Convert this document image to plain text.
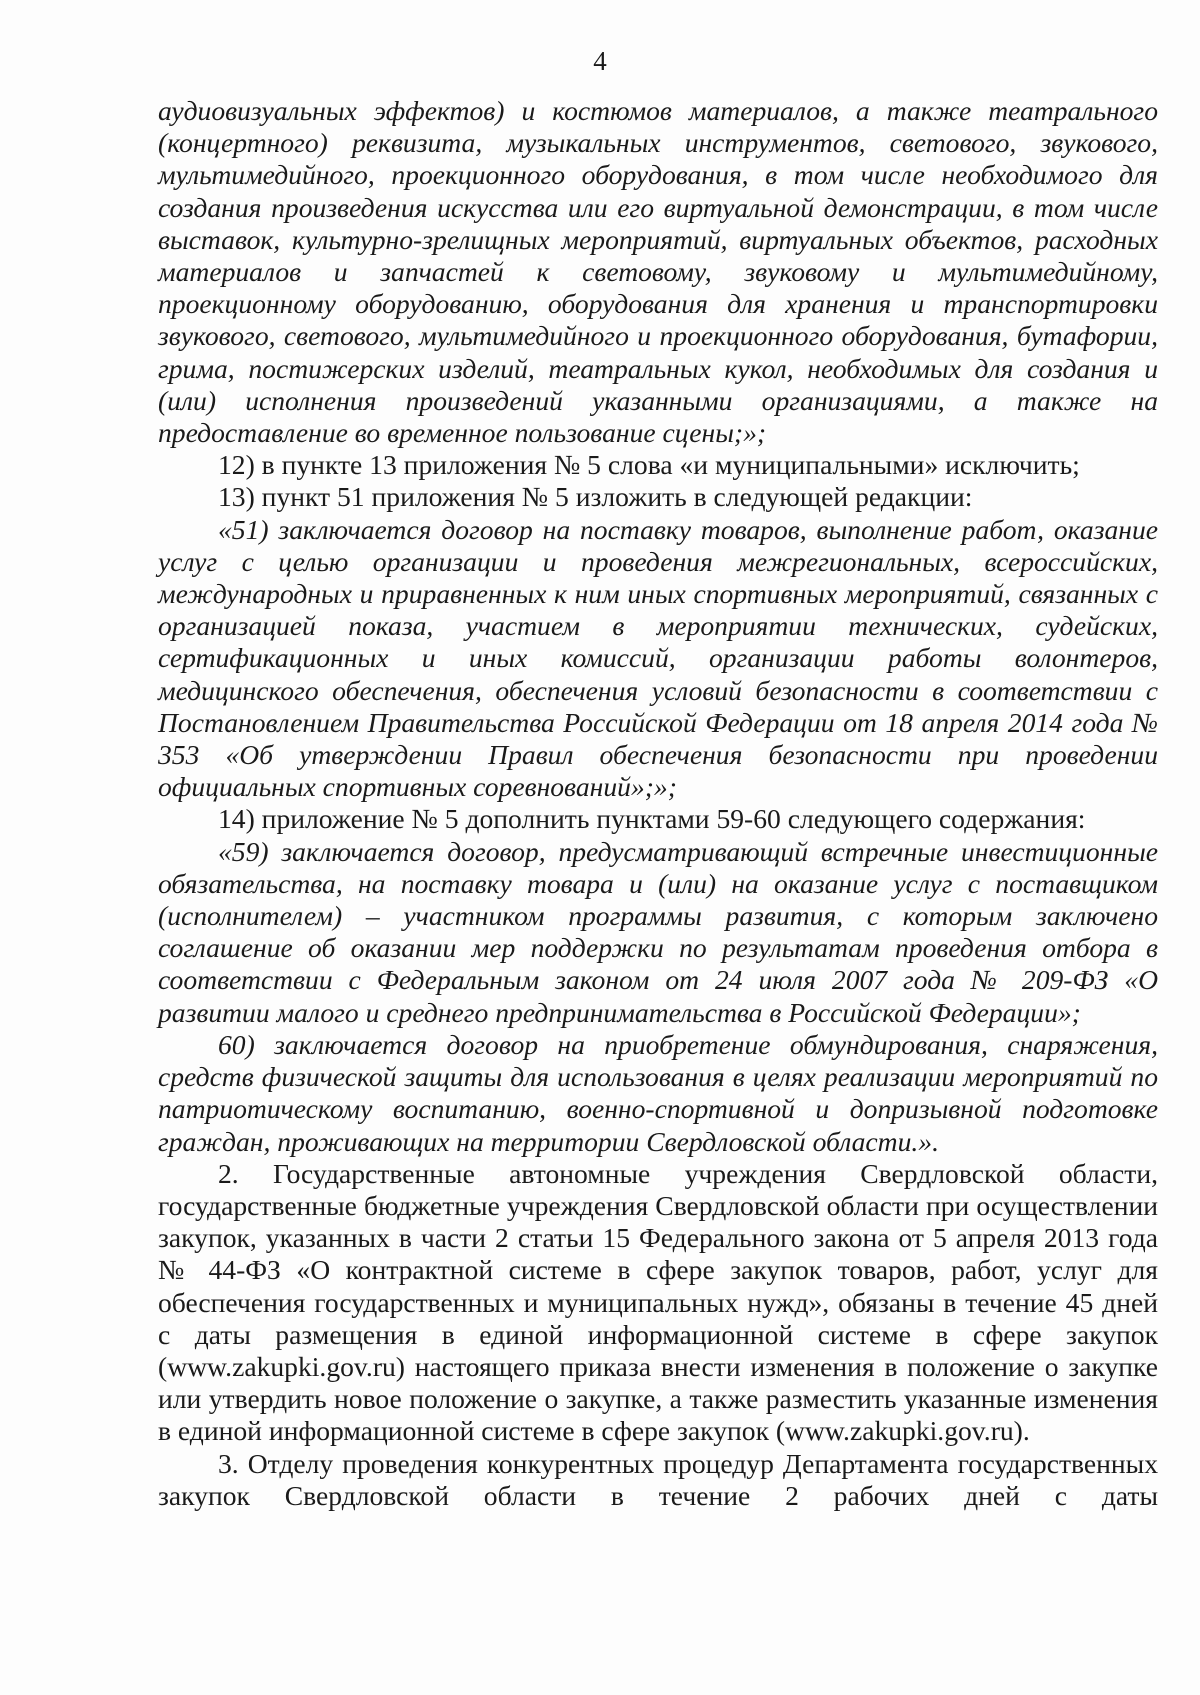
4

аудиовизуальных эффектов) и костюмов материалов, а также театрального (концертного) реквизита, музыкальных инструментов, светового, звукового, мультимедийного, проекционного оборудования, в том числе необходимого для создания произведения искусства или его виртуальной демонстрации, в том числе выставок, культурно-зрелищных мероприятий, виртуальных объектов, расходных материалов и запчастей к световому, звуковому и мультимедийному, проекционному оборудованию, оборудования для хранения и транспортировки звукового, светового, мультимедийного и проекционного оборудования, бутафории, грима, постижерских изделий, театральных кукол, необходимых для создания и (или) исполнения произведений указанными организациями, а также на предоставление во временное пользование сцены;»;

12) в пункте 13 приложения № 5 слова «и муниципальными» исключить;

13) пункт 51 приложения № 5 изложить в следующей редакции:

«51) заключается договор на поставку товаров, выполнение работ, оказание услуг с целью организации и проведения межрегиональных, всероссийских, международных и приравненных к ним иных спортивных мероприятий, связанных с организацией показа, участием в мероприятии технических, судейских, сертификационных и иных комиссий, организации работы волонтеров, медицинского обеспечения, обеспечения условий безопасности в соответствии с Постановлением Правительства Российской Федерации от 18 апреля 2014 года № 353 «Об утверждении Правил обеспечения безопасности при проведении официальных спортивных соревнований»;»;

14) приложение № 5 дополнить пунктами 59-60 следующего содержания:

«59) заключается договор, предусматривающий встречные инвестиционные обязательства, на поставку товара и (или) на оказание услуг с поставщиком (исполнителем) – участником программы развития, с которым заключено соглашение об оказании мер поддержки по результатам проведения отбора в соответствии с Федеральным законом от 24 июля 2007 года № 209-ФЗ «О развитии малого и среднего предпринимательства в Российской Федерации»;

60) заключается договор на приобретение обмундирования, снаряжения, средств физической защиты для использования в целях реализации мероприятий по патриотическому воспитанию, военно-спортивной и допризывной подготовке граждан, проживающих на территории Свердловской области.».

2. Государственные автономные учреждения Свердловской области, государственные бюджетные учреждения Свердловской области при осуществлении закупок, указанных в части 2 статьи 15 Федерального закона от 5 апреля 2013 года № 44-ФЗ «О контрактной системе в сфере закупок товаров, работ, услуг для обеспечения государственных и муниципальных нужд», обязаны в течение 45 дней с даты размещения в единой информационной системе в сфере закупок (www.zakupki.gov.ru) настоящего приказа внести изменения в положение о закупке или утвердить новое положение о закупке, а также разместить указанные изменения в единой информационной системе в сфере закупок (www.zakupki.gov.ru).

3. Отделу проведения конкурентных процедур Департамента государственных закупок Свердловской области в течение 2 рабочих дней с даты
